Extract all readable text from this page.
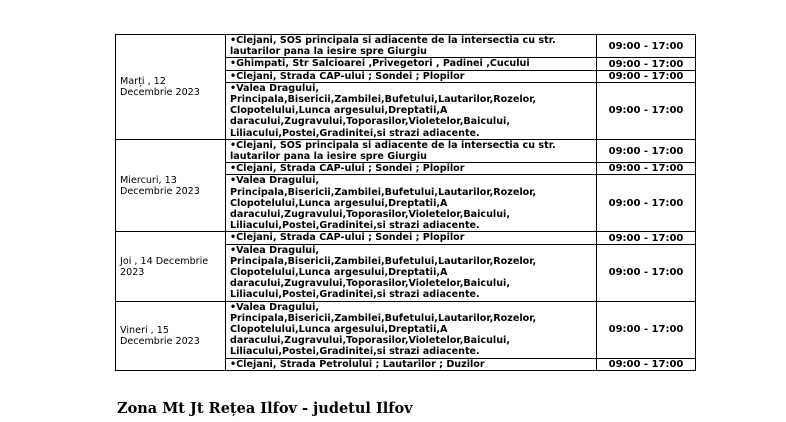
Marți , 12 Decembrie 2023	•Clejani, SOS principala si adiacente de la intersectia cu str. lautarilor pana la iesire spre Giurgiu	09:00 - 17:00
	•Ghimpati, Str Salcioarei ,Privegetori , Padinei ,Cucului	09:00 - 17:00
	•Clejani, Strada CAP-ului ; Sondei ; Plopilor	09:00 - 17:00
	•Valea Dragului, Principala,Bisericii,Zambilei,Bufetului,Lautarilor,Rozelor, Clopotelului,Lunca argesului,Dreptatii,A daracului,Zugravului,Toporasilor,Violetelor,Baicului, Liliacului,Postei,Gradinitei,si strazi adiacente.	09:00 - 17:00
Miercuri, 13 Decembrie 2023	•Clejani, SOS principala si adiacente de la intersectia cu str. lautarilor pana la iesire spre Giurgiu	09:00 - 17:00
	•Clejani, Strada CAP-ului ; Sondei ; Plopilor	09:00 - 17:00
	•Valea Dragului, Principala,Bisericii,Zambilei,Bufetului,Lautarilor,Rozelor, Clopotelului,Lunca argesului,Dreptatii,A daracului,Zugravului,Toporasilor,Violetelor,Baicului, Liliacului,Postei,Gradinitei,si strazi adiacente.	09:00 - 17:00
Joi , 14 Decembrie 2023	•Clejani, Strada CAP-ului ; Sondei ; Plopilor	09:00 - 17:00
	•Valea Dragului, Principala,Bisericii,Zambilei,Bufetului,Lautarilor,Rozelor, Clopotelului,Lunca argesului,Dreptatii,A daracului,Zugravului,Toporasilor,Violetelor,Baicului, Liliacului,Postei,Gradinitei,si strazi adiacente.	09:00 - 17:00
Vineri , 15 Decembrie 2023	•Valea Dragului, Principala,Bisericii,Zambilei,Bufetului,Lautarilor,Rozelor, Clopotelului,Lunca argesului,Dreptatii,A daracului,Zugravului,Toporasilor,Violetelor,Baicului, Liliacului,Postei,Gradinitei,si strazi adiacente.	09:00 - 17:00
	•Clejani, Strada Petrolului ; Lautarilor ; Duzilor	09:00 - 17:00
Zona Mt Jt Rețea Ilfov - judetul Ilfov
